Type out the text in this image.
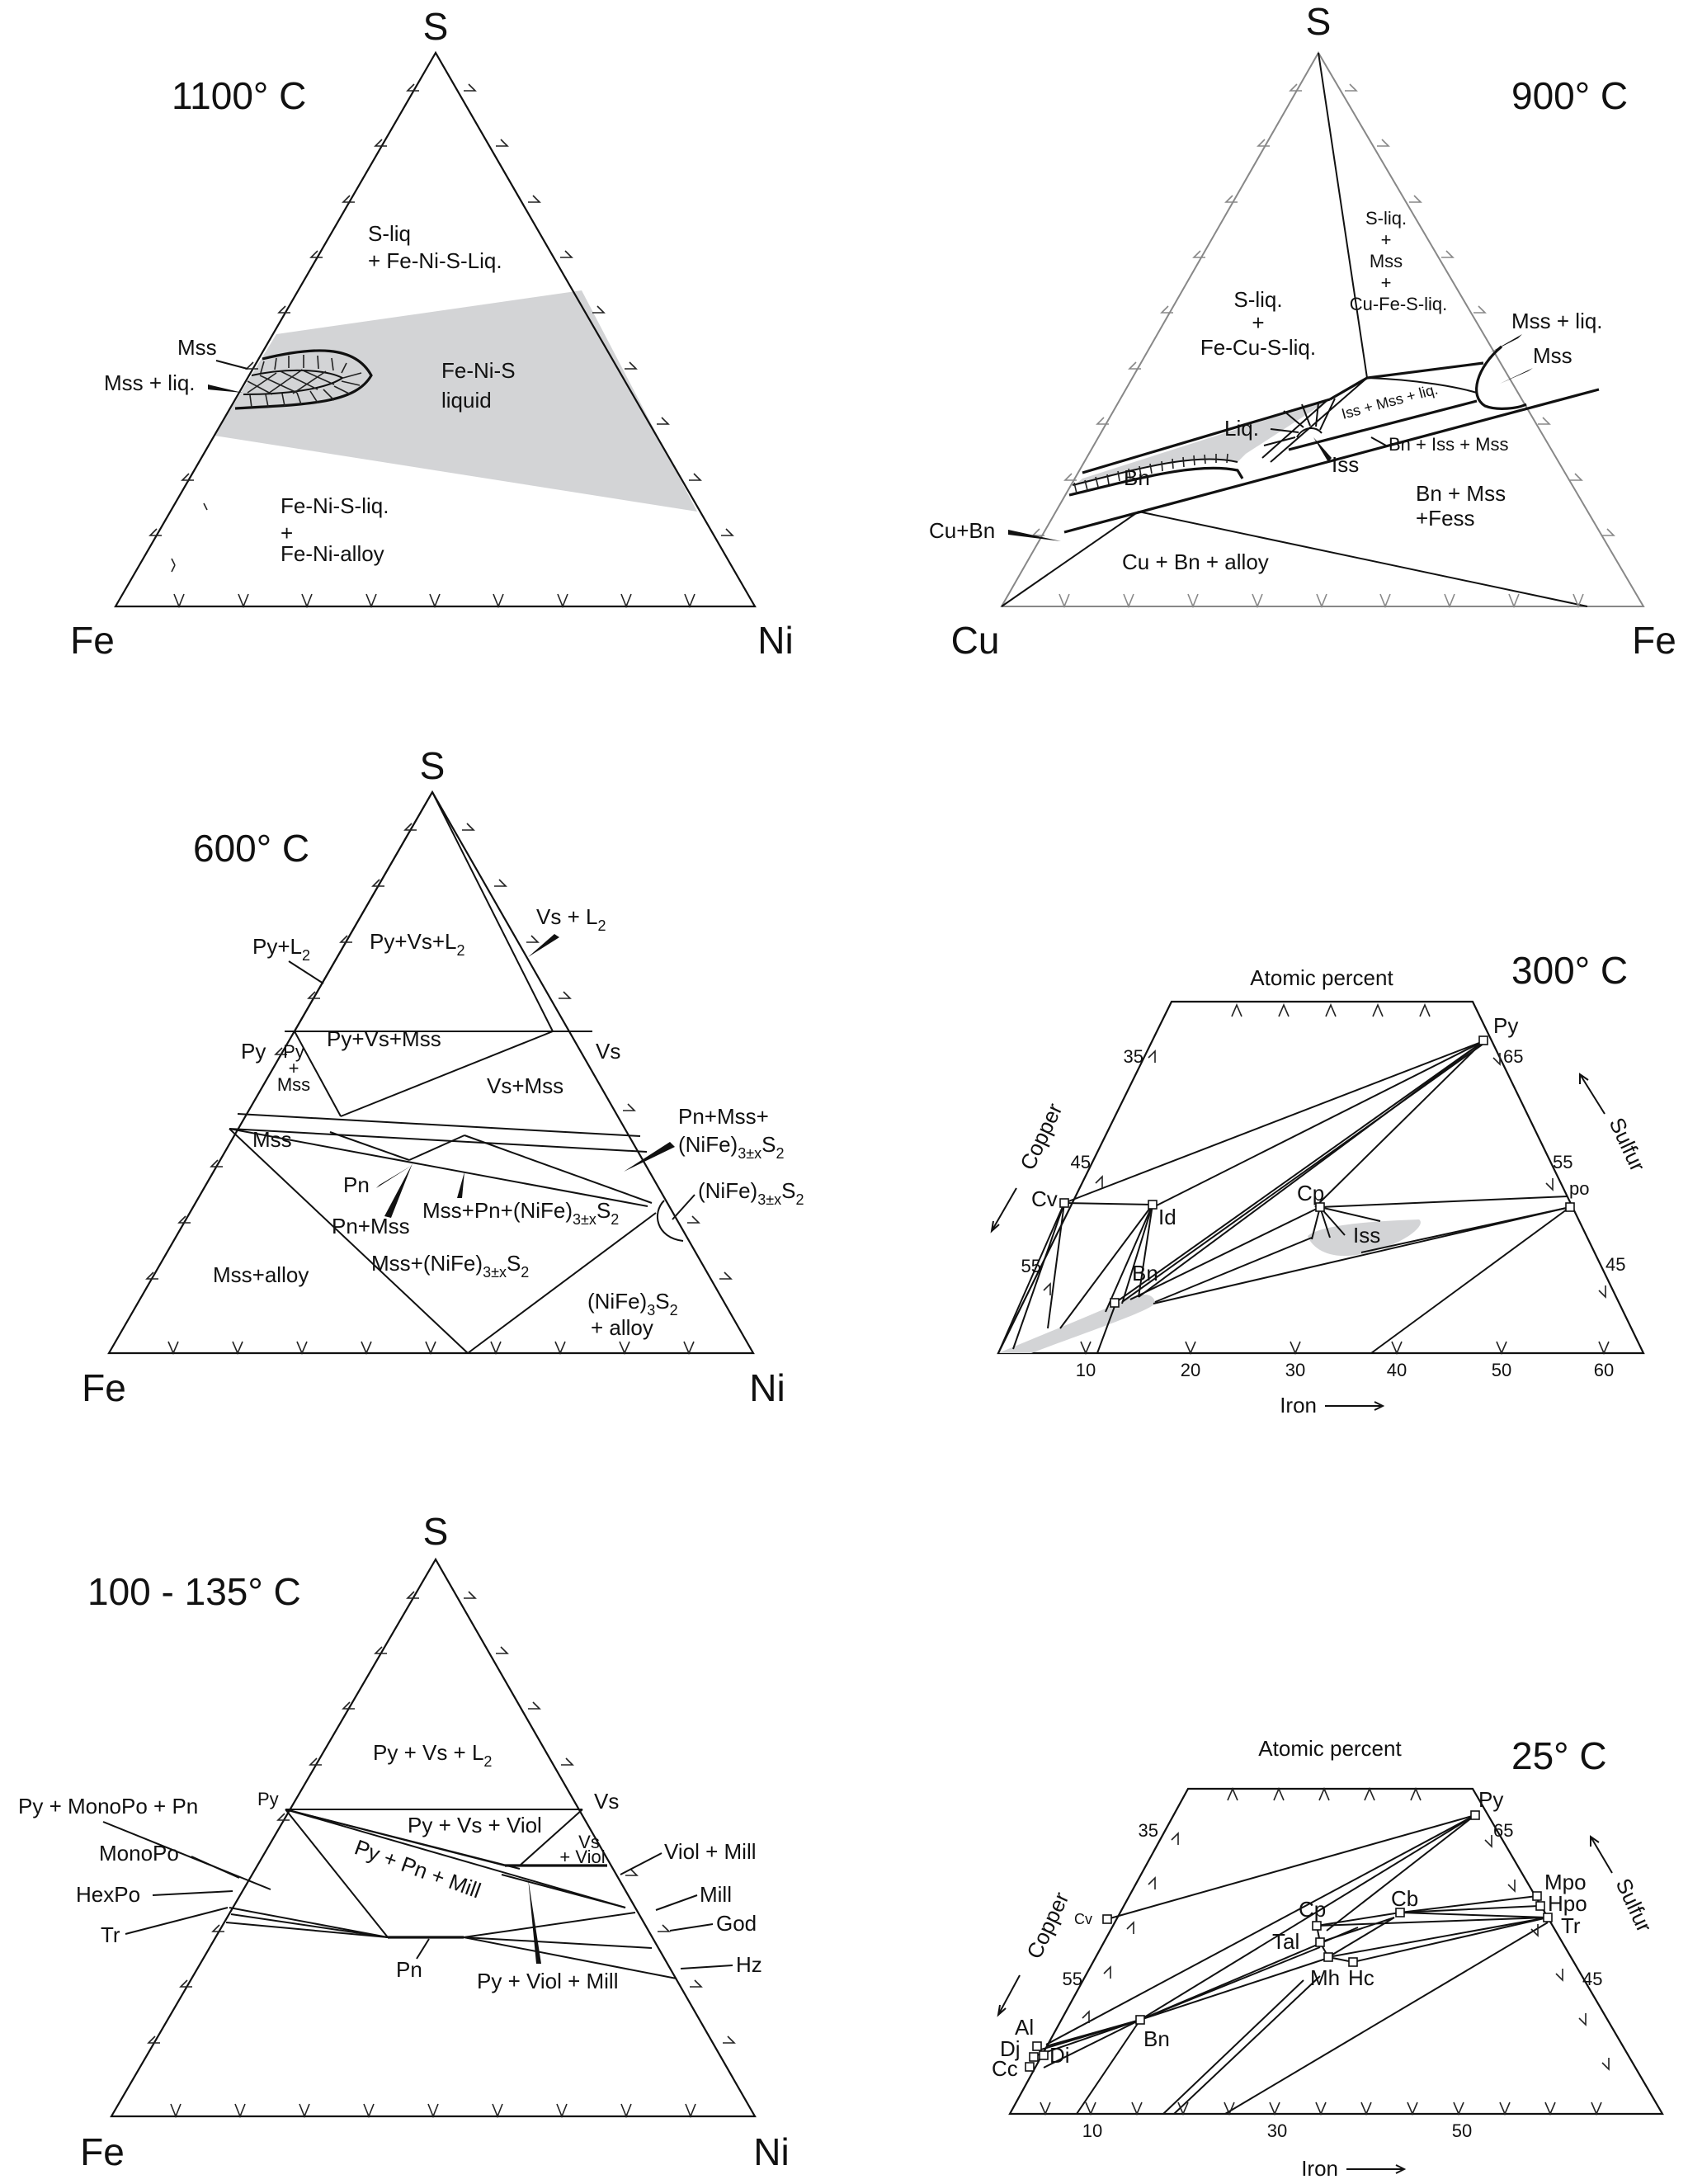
S
Fe	Ni
1100° C
S-liq
+ Fe-Ni-S-Liq.
Fe-Ni-S
liquid
Fe-Ni-S-liq.
+
Fe-Ni-alloy
Mss
Mss + liq.
S
Cu	Fe
900° C
S-liq.
+
Fe-Cu-S-liq.
S-liq.
+
Mss
+
Cu-Fe-S-liq.
Iss + Mss + liq.
Liq.
Bn
Cu + Bn + alloy
Bn + Mss
+Fess
Mss + liq.
Mss
Iss
Bn + Iss + Mss
Cu+Bn
S
Fe	Ni
600° C
$Py+Vs+L_2$
Py+Vs+Mss
Vs+Mss
Py
+
Mss
Mss
Mss+alloy	$Mss+(NiFe)_{3\pm x}S_2$
$(NiFe)_3S_2$
+ alloy
$Py+L_2$
$Vs + L_2$
Py	Vs
Pn+Mss+
$(NiFe)_{3\pm x}S_2$
$(NiFe)_{3\pm x}S_2$
Pn
Pn+Mss
$Mss+Pn+(NiFe)_{3\pm x}S_2$
300° C
Atomic percent
35
45
55
65
55
45
10	20	30	40	50	60
Iron
Copper	Sulfur
Py
Cv
Id
Cp	po
Iss
Bn
S
Fe	Ni
100 - 135° C
$Py + Vs + L_2$
Py + Vs + Viol
Vs
+ Viol
Py + Pn + Mill
Py	Vs
Py + MonoPo + Pn
MonoPo
HexPo
Tr
Pn
Viol + Mill
Mill
God
Hz
Py + Viol + Mill
25° C
Atomic percent
35
55
65
45
10	30	50
Iron
Copper	Sulfur
Py
Cv	Cp	Cb
Mpo
Hpo
Tr
Tal
Mh Hc
Bn
Al
Dj Di
Cc
